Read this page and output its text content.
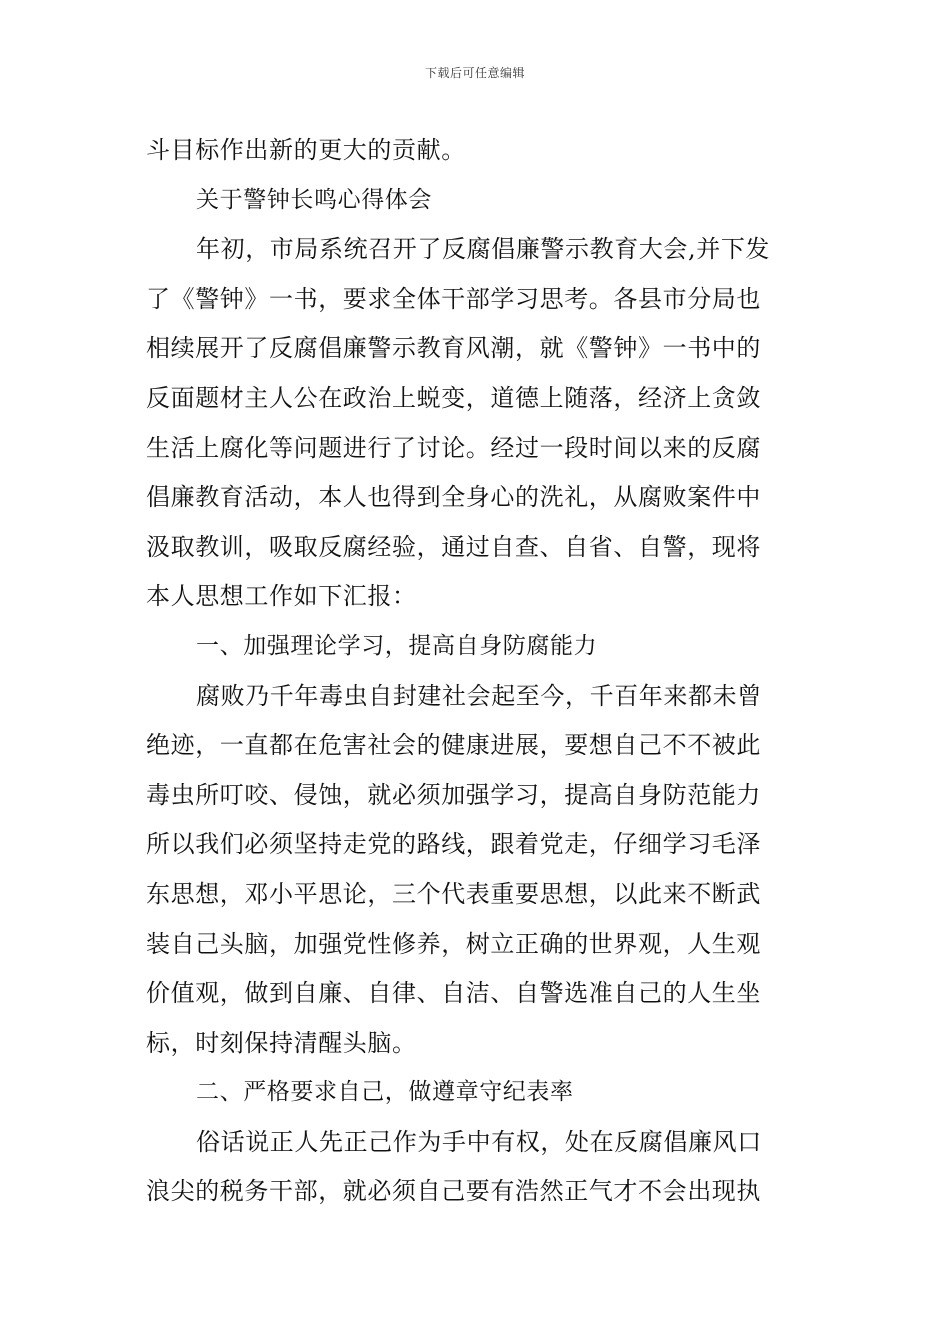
下载后可任意编辑
斗目标作出新的更大的贡献。
关于警钟长鸣心得体会
年初，市局系统召开了反腐倡廉警示教育大会,并下发
了《警钟》一书，要求全体干部学习思考。各县市分局也
相续展开了反腐倡廉警示教育风潮，就《警钟》一书中的
反面题材主人公在政治上蜕变，道德上随落，经济上贪敛
生活上腐化等问题进行了讨论。经过一段时间以来的反腐
倡廉教育活动，本人也得到全身心的洗礼，从腐败案件中
汲取教训，吸取反腐经验，通过自查、自省、自警，现将
本人思想工作如下汇报：
一、加强理论学习，提高自身防腐能力
腐败乃千年毒虫自封建社会起至今，千百年来都未曾
绝迹，一直都在危害社会的健康进展，要想自己不不被此
毒虫所叮咬、侵蚀，就必须加强学习，提高自身防范能力
所以我们必须坚持走党的路线，跟着党走，仔细学习毛泽
东思想，邓小平思论，三个代表重要思想，以此来不断武
装自己头脑，加强党性修养，树立正确的世界观，人生观
价值观，做到自廉、自律、自洁、自警选准自己的人生坐
标，时刻保持清醒头脑。
二、严格要求自己，做遵章守纪表率
俗话说正人先正己作为手中有权，处在反腐倡廉风口
浪尖的税务干部，就必须自己要有浩然正气才不会出现执
